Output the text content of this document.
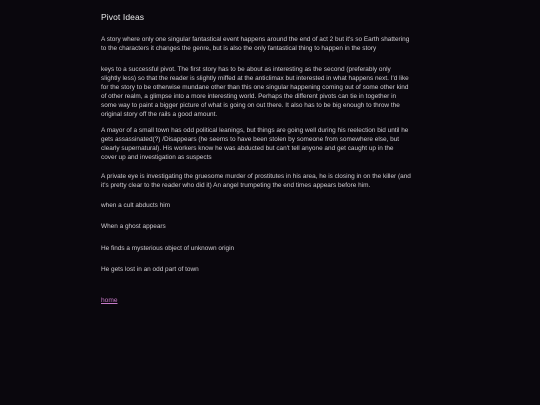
Pivot Ideas
A story where only one singular fantastical event happens around the end of act 2 but it's so Earth shattering
to the characters it changes the genre, but is also the only fantastical thing to happen in the story
keys to a successful pivot. The first story has to be about as interesting as the second (preferably only
slightly less) so that the reader is slightly miffed at the anticlimax but interested in what happens next. I'd like
for the story to be otherwise mundane other than this one singular happening coming out of some other kind
of other realm, a glimpse into a more interesting world. Perhaps the different pivots can tie in together in
some way to paint a bigger picture of what is going on out there. It also has to be big enough to throw the
original story off the rails a good amount.
A mayor of a small town has odd political leanings, but things are going well during his reelection bid until he
gets assassinated(?) /Disappears (he seems to have been stolen by someone from somewhere else, but
clearly supernatural). His workers know he was abducted but can't tell anyone and get caught up in the
cover up and investigation as suspects
A private eye is investigating the gruesome murder of prostitutes in his area, he is closing in on the killer (and
it's pretty clear to the reader who did it) An angel trumpeting the end times appears before him.
when a cult abducts him
When a ghost appears
He finds a mysterious object of unknown origin
He gets lost in an odd part of town
home
